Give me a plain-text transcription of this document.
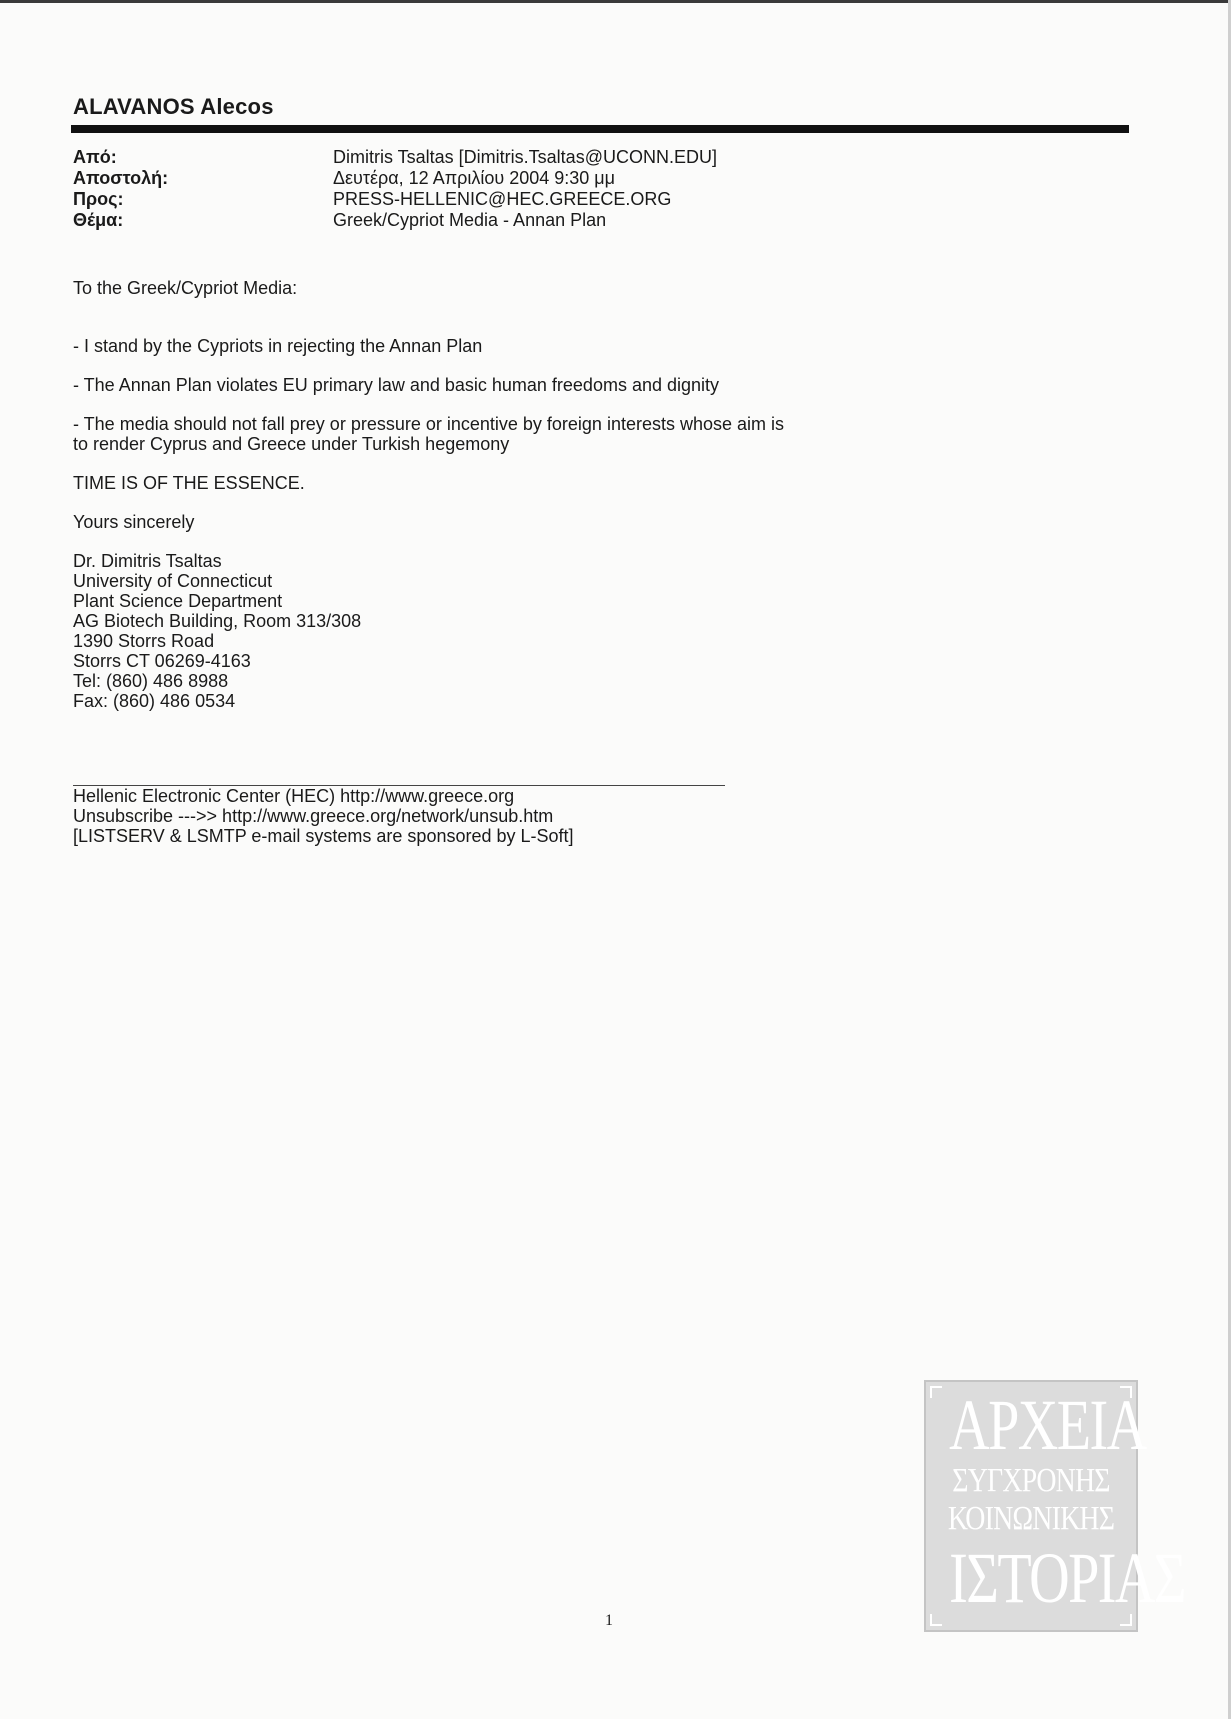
ALAVANOS Alecos
Από:	Dimitris Tsaltas [Dimitris.Tsaltas@UCONN.EDU]
Αποστολή:	Δευτέρα, 12 Απριλίου 2004 9:30 μμ
Προς:	PRESS-HELLENIC@HEC.GREECE.ORG
Θέμα:	Greek/Cypriot Media - Annan Plan

To the Greek/Cypriot Media:

- I stand by the Cypriots in rejecting the Annan Plan

- The Annan Plan violates EU primary law and basic human freedoms and dignity

- The media should not fall prey or pressure or incentive by foreign interests whose aim is to render Cyprus and Greece under Turkish hegemony

TIME IS OF THE ESSENCE.

Yours sincerely

Dr. Dimitris Tsaltas
University of Connecticut
Plant Science Department
AG Biotech Building, Room 313/308
1390 Storrs Road
Storrs CT 06269-4163
Tel: (860) 486 8988
Fax: (860) 486 0534
Hellenic Electronic Center (HEC) http://www.greece.org
Unsubscribe --->> http://www.greece.org/network/unsub.htm
[LISTSERV & LSMTP e-mail systems are sponsored by L-Soft]
1
ΑΡΧΕΙΑ
ΣΥΓΧΡΟΝΗΣ
ΚΟΙΝΩΝΙΚΗΣ
ΙΣΤΟΡΙΑΣ
